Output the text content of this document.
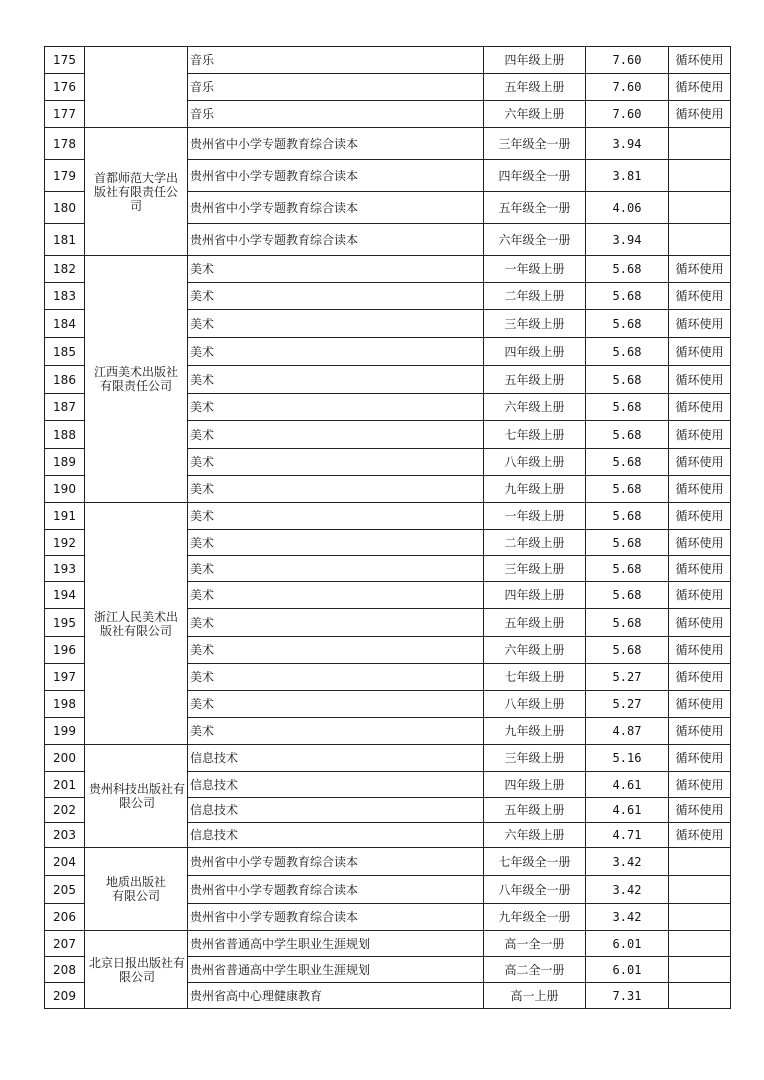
175		音乐	四年级上册	7.60	循环使用
176		音乐	五年级上册	7.60	循环使用
177		音乐	六年级上册	7.60	循环使用
178	首都师范大学出版社有限责任公司	贵州省中小学专题教育综合读本	三年级全一册	3.94	
179		贵州省中小学专题教育综合读本	四年级全一册	3.81	
180		贵州省中小学专题教育综合读本	五年级全一册	4.06	
181		贵州省中小学专题教育综合读本	六年级全一册	3.94	
182	江西美术出版社有限责任公司	美术	一年级上册	5.68	循环使用
183		美术	二年级上册	5.68	循环使用
184		美术	三年级上册	5.68	循环使用
185		美术	四年级上册	5.68	循环使用
186		美术	五年级上册	5.68	循环使用
187		美术	六年级上册	5.68	循环使用
188		美术	七年级上册	5.68	循环使用
189		美术	八年级上册	5.68	循环使用
190		美术	九年级上册	5.68	循环使用
191	浙江人民美术出版社有限公司	美术	一年级上册	5.68	循环使用
192		美术	二年级上册	5.68	循环使用
193		美术	三年级上册	5.68	循环使用
194		美术	四年级上册	5.68	循环使用
195		美术	五年级上册	5.68	循环使用
196		美术	六年级上册	5.68	循环使用
197		美术	七年级上册	5.27	循环使用
198		美术	八年级上册	5.27	循环使用
199		美术	九年级上册	4.87	循环使用
200	贵州科技出版社有限公司	信息技术	三年级上册	5.16	循环使用
201		信息技术	四年级上册	4.61	循环使用
202		信息技术	五年级上册	4.61	循环使用
203		信息技术	六年级上册	4.71	循环使用
204	地质出版社有限公司	贵州省中小学专题教育综合读本	七年级全一册	3.42	
205		贵州省中小学专题教育综合读本	八年级全一册	3.42	
206		贵州省中小学专题教育综合读本	九年级全一册	3.42	
207	北京日报出版社有限公司	贵州省普通高中学生职业生涯规划	高一全一册	6.01	
208		贵州省普通高中学生职业生涯规划	高二全一册	6.01	
209		贵州省高中心理健康教育	高一上册	7.31	
